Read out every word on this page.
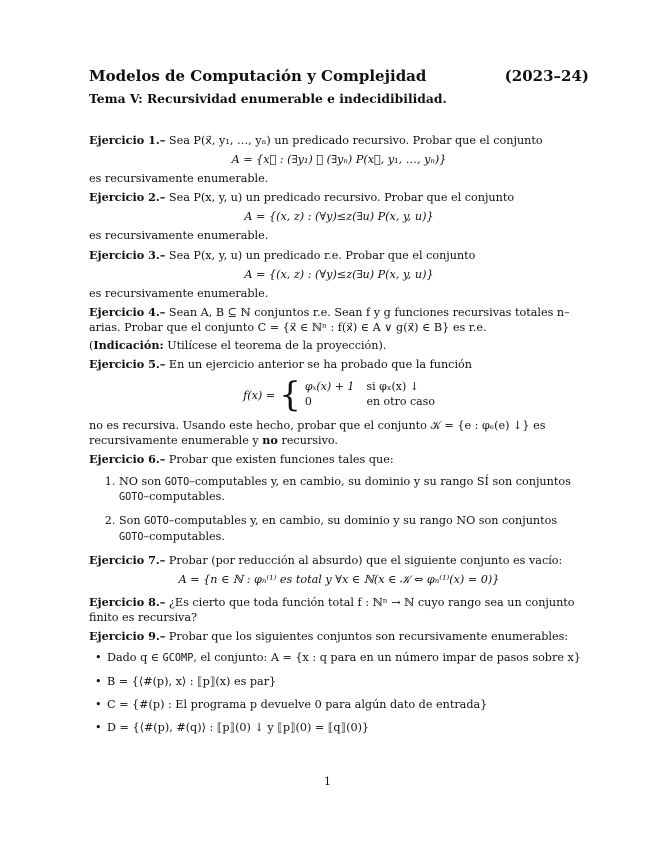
Modelos de Computación y Complejidad	(2023–24)
Tema V: Recursividad enumerable e indecidibilidad.

Ejercicio 1.– Sea P(x⃗, y₁, …, yₙ) un predicado recursivo. Probar que el conjunto

A = {x⃗ : (∃y₁) ⋯ (∃yₙ) P(x⃗, y₁, …, yₙ)}

es recursivamente enumerable.

Ejercicio 2.– Sea P(x, y, u) un predicado recursivo. Probar que el conjunto

A = {(x, z) : (∀y)≤z(∃u) P(x, y, u)}

es recursivamente enumerable.

Ejercicio 3.– Sea P(x, y, u) un predicado r.e. Probar que el conjunto

A = {(x, z) : (∀y)≤z(∃u) P(x, y, u)}

es recursivamente enumerable.

Ejercicio 4.– Sean A, B ⊆ ℕ conjuntos r.e. Sean f y g funciones recursivas totales n–arias. Probar que el conjunto C = {x⃗ ∈ ℕⁿ : f(x⃗) ∈ A ∨ g(x⃗) ∈ B} es r.e.

(Indicación: Utilícese el teorema de la proyección).

Ejercicio 5.– En un ejercicio anterior se ha probado que la función

f(x) = { φₓ(x) + 1 si φₓ(x) ↓
0	en otro caso

no es recursiva. Usando este hecho, probar que el conjunto 𝒦 = {e : φₑ(e) ↓} es recursivamente enumerable y no recursivo.

Ejercicio 6.– Probar que existen funciones tales que:

1. NO son GOTO–computables y, en cambio, su dominio y su rango SÍ son conjuntos GOTO–computables.
2. Son GOTO–computables y, en cambio, su dominio y su rango NO son conjuntos GOTO–computables.

Ejercicio 7.– Probar (por reducción al absurdo) que el siguiente conjunto es vacío:

A = {n ∈ ℕ : φₙ⁽¹⁾ es total y ∀x ∈ ℕ(x ∈ 𝒦 ⇔ φₙ⁽¹⁾(x) = 0)}

Ejercicio 8.– ¿Es cierto que toda función total f : ℕⁿ → ℕ cuyo rango sea un conjunto finito es recursiva?

Ejercicio 9.– Probar que los siguientes conjuntos son recursivamente enumerables:

• Dado q ∈ GCOMP, el conjunto: A = {x : q para en un número impar de pasos sobre x}
• B = {⟨#(p), x⟩ : ⟦p⟧(x) es par}
• C = {#(p) : El programa p devuelve 0 para algún dato de entrada}
• D = {⟨#(p), #(q)⟩ : ⟦p⟧(0) ↓ y ⟦p⟧(0) = ⟦q⟧(0)}
1
